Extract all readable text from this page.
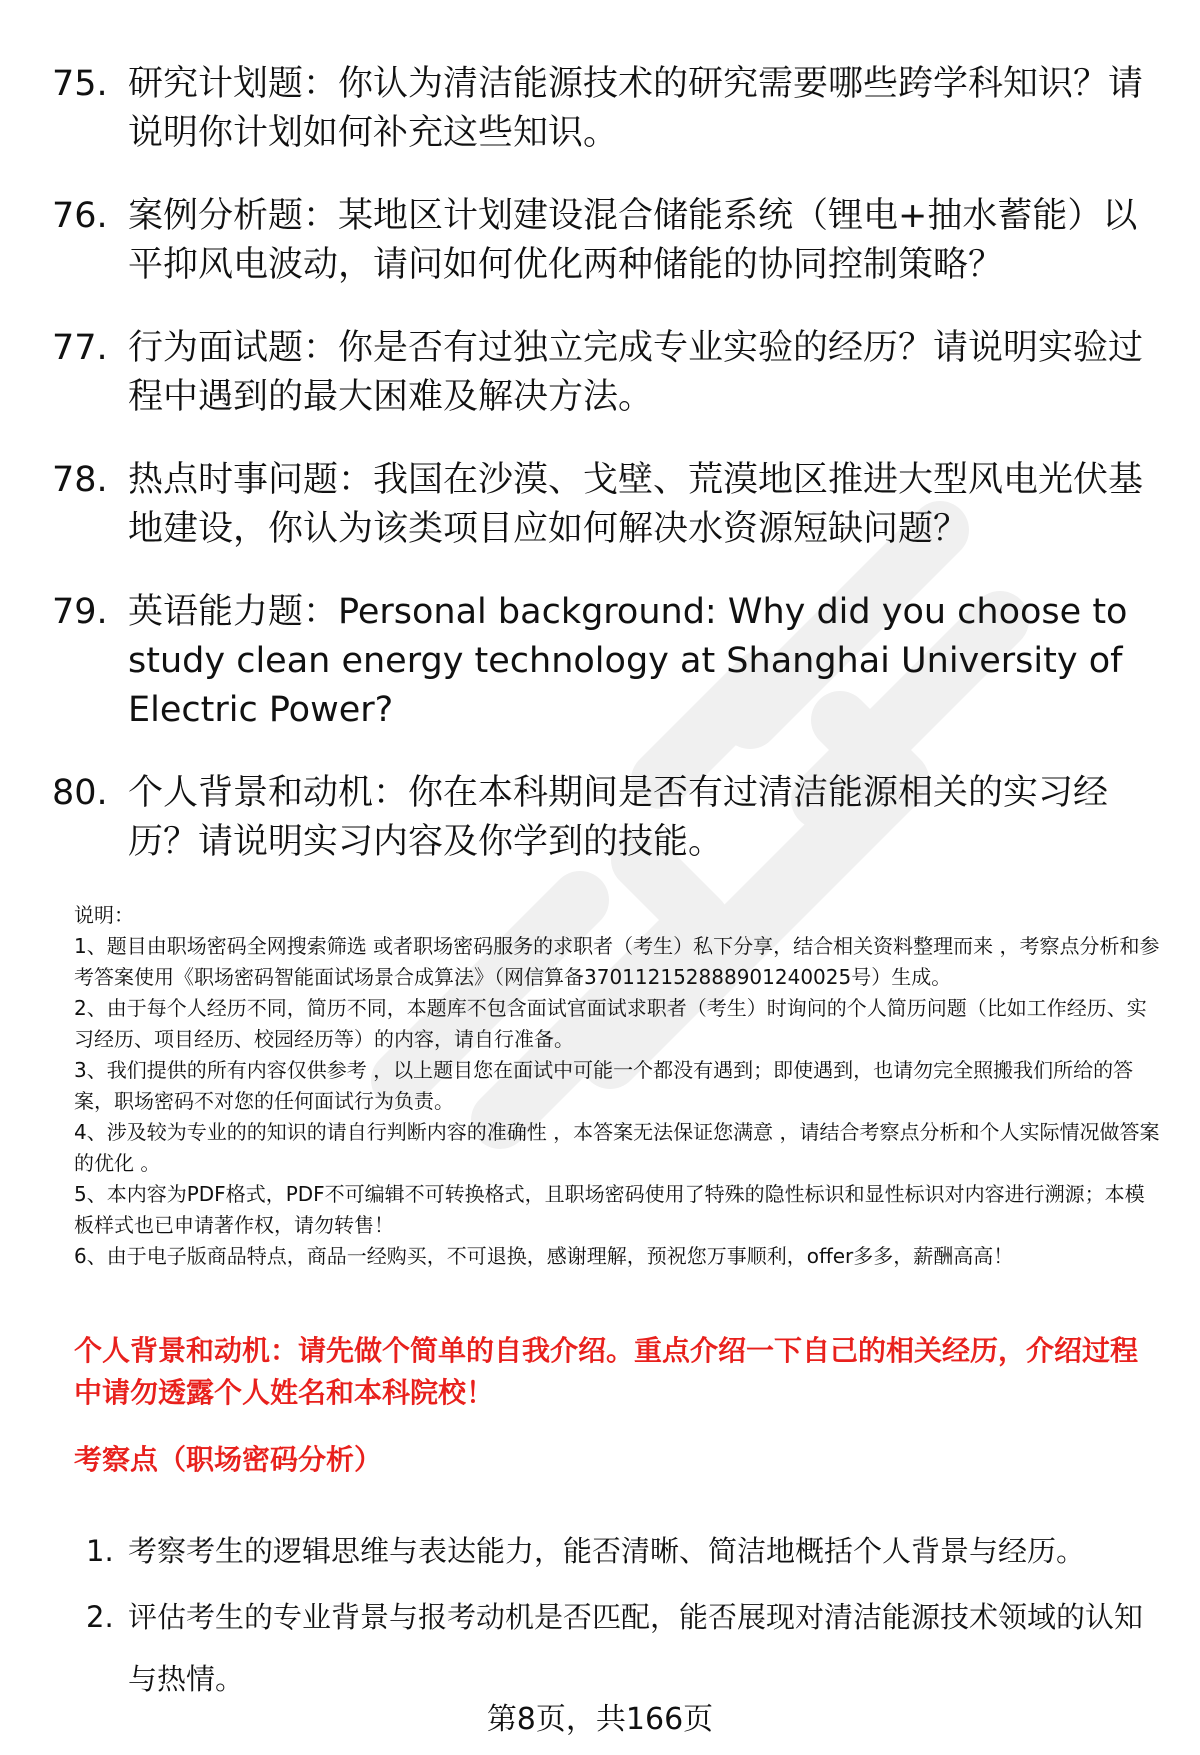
75. 研究计划题：你认为清洁能源技术的研究需要哪些跨学科知识？请说明你计划如何补充这些知识。
76. 案例分析题：某地区计划建设混合储能系统（锂电+抽水蓄能）以平抑风电波动，请问如何优化两种储能的协同控制策略？
77. 行为面试题：你是否有过独立完成专业实验的经历？请说明实验过程中遇到的最大困难及解决方法。
78. 热点时事问题：我国在沙漠、戈壁、荒漠地区推进大型风电光伏基地建设，你认为该类项目应如何解决水资源短缺问题？
79. 英语能力题：Personal background: Why did you choose to study clean energy technology at Shanghai University of Electric Power?
80. 个人背景和动机：你在本科期间是否有过清洁能源相关的实习经历？请说明实习内容及你学到的技能。

说明：

1、题目由职场密码全网搜索筛选 或者职场密码服务的求职者（考生）私下分享，结合相关资料整理而来 ，考察点分析和参考答案使用《职场密码智能面试场景合成算法》（网信算备370112152888901240025号）生成。

2、由于每个人经历不同，简历不同，本题库不包含面试官面试求职者（考生）时询问的个人简历问题（比如工作经历、实习经历、项目经历、校园经历等）的内容，请自行准备。

3、我们提供的所有内容仅供参考 ，以上题目您在面试中可能一个都没有遇到；即使遇到，也请勿完全照搬我们所给的答案，职场密码不对您的任何面试行为负责。

4、涉及较为专业的的知识的请自行判断内容的准确性 ，本答案无法保证您满意 ，请结合考察点分析和个人实际情况做答案的优化 。

5、本内容为PDF格式，PDF不可编辑不可转换格式，且职场密码使用了特殊的隐性标识和显性标识对内容进行溯源；本模板样式也已申请著作权，请勿转售！

6、由于电子版商品特点，商品一经购买，不可退换，感谢理解，预祝您万事顺利，offer多多，薪酬高高！

个人背景和动机：请先做个简单的自我介绍。重点介绍一下自己的相关经历，介绍过程中请勿透露个人姓名和本科院校！
考察点（职场密码分析）
1. 考察考生的逻辑思维与表达能力，能否清晰、简洁地概括个人背景与经历。
2. 评估考生的专业背景与报考动机是否匹配，能否展现对清洁能源技术领域的认知与热情。
第8页，共166页
